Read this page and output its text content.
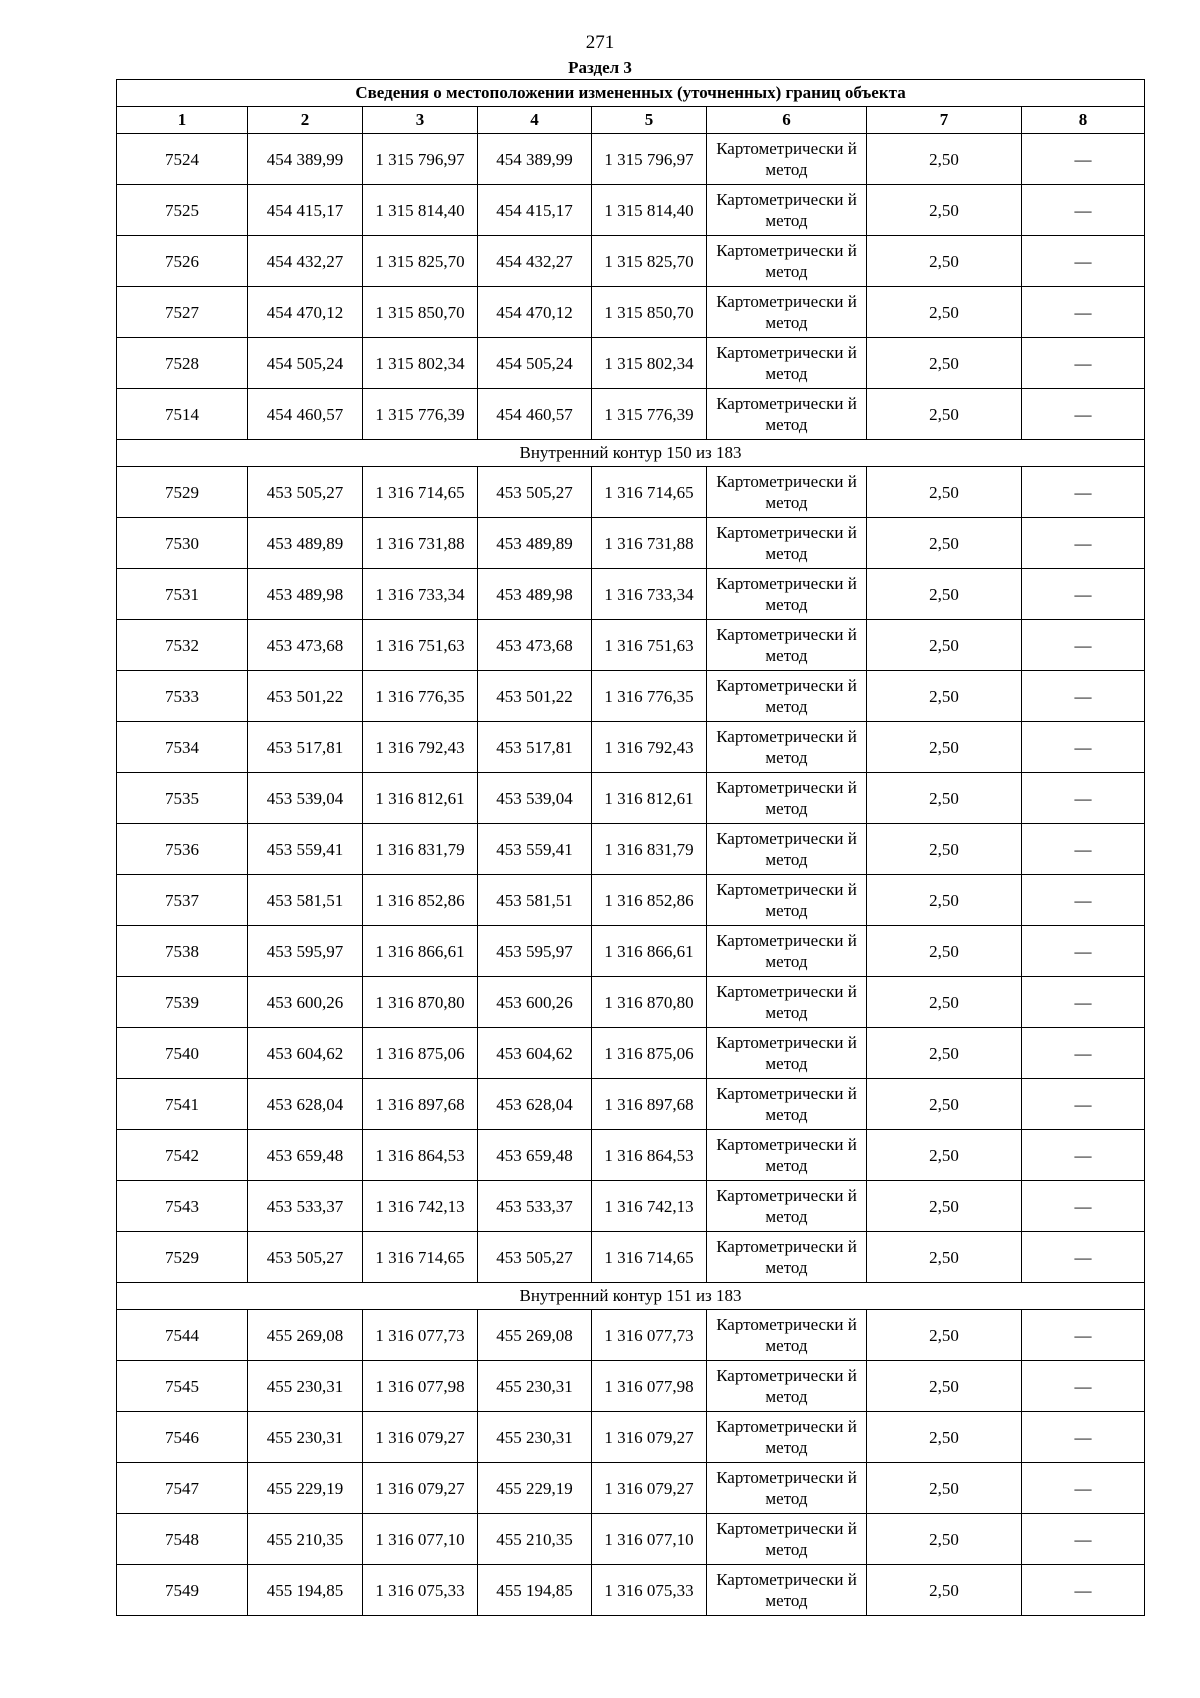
271
Раздел 3
Сведения о местоположении измененных (уточненных) границ объекта							
1	2	3	4	5	6	7	8
7524	454 389,99	1 315 796,97	454 389,99	1 315 796,97	Картометрически й метод	2,50	—
7525	454 415,17	1 315 814,40	454 415,17	1 315 814,40	Картометрически й метод	2,50	—
7526	454 432,27	1 315 825,70	454 432,27	1 315 825,70	Картометрически й метод	2,50	—
7527	454 470,12	1 315 850,70	454 470,12	1 315 850,70	Картометрически й метод	2,50	—
7528	454 505,24	1 315 802,34	454 505,24	1 315 802,34	Картометрически й метод	2,50	—
7514	454 460,57	1 315 776,39	454 460,57	1 315 776,39	Картометрически й метод	2,50	—
Внутренний контур 150 из 183							
7529	453 505,27	1 316 714,65	453 505,27	1 316 714,65	Картометрически й метод	2,50	—
7530	453 489,89	1 316 731,88	453 489,89	1 316 731,88	Картометрически й метод	2,50	—
7531	453 489,98	1 316 733,34	453 489,98	1 316 733,34	Картометрически й метод	2,50	—
7532	453 473,68	1 316 751,63	453 473,68	1 316 751,63	Картометрически й метод	2,50	—
7533	453 501,22	1 316 776,35	453 501,22	1 316 776,35	Картометрически й метод	2,50	—
7534	453 517,81	1 316 792,43	453 517,81	1 316 792,43	Картометрически й метод	2,50	—
7535	453 539,04	1 316 812,61	453 539,04	1 316 812,61	Картометрически й метод	2,50	—
7536	453 559,41	1 316 831,79	453 559,41	1 316 831,79	Картометрически й метод	2,50	—
7537	453 581,51	1 316 852,86	453 581,51	1 316 852,86	Картометрически й метод	2,50	—
7538	453 595,97	1 316 866,61	453 595,97	1 316 866,61	Картометрически й метод	2,50	—
7539	453 600,26	1 316 870,80	453 600,26	1 316 870,80	Картометрически й метод	2,50	—
7540	453 604,62	1 316 875,06	453 604,62	1 316 875,06	Картометрически й метод	2,50	—
7541	453 628,04	1 316 897,68	453 628,04	1 316 897,68	Картометрически й метод	2,50	—
7542	453 659,48	1 316 864,53	453 659,48	1 316 864,53	Картометрически й метод	2,50	—
7543	453 533,37	1 316 742,13	453 533,37	1 316 742,13	Картометрически й метод	2,50	—
7529	453 505,27	1 316 714,65	453 505,27	1 316 714,65	Картометрически й метод	2,50	—
Внутренний контур 151 из 183							
7544	455 269,08	1 316 077,73	455 269,08	1 316 077,73	Картометрически й метод	2,50	—
7545	455 230,31	1 316 077,98	455 230,31	1 316 077,98	Картометрически й метод	2,50	—
7546	455 230,31	1 316 079,27	455 230,31	1 316 079,27	Картометрически й метод	2,50	—
7547	455 229,19	1 316 079,27	455 229,19	1 316 079,27	Картометрически й метод	2,50	—
7548	455 210,35	1 316 077,10	455 210,35	1 316 077,10	Картометрически й метод	2,50	—
7549	455 194,85	1 316 075,33	455 194,85	1 316 075,33	Картометрически й метод	2,50	—
